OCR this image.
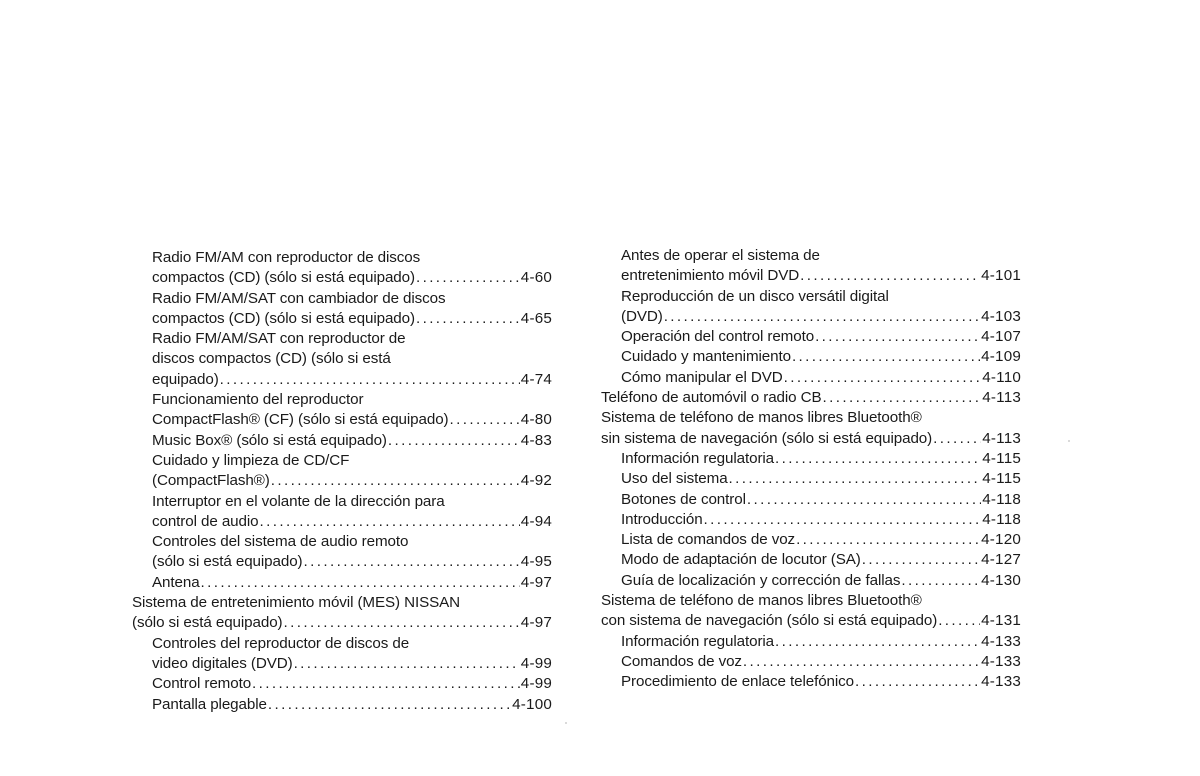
Radio FM/AM con reproductor de discos
compactos (CD) (sólo si está equipado) .....	4-60
Radio FM/AM/SAT con cambiador de discos
compactos (CD) (sólo si está equipado) .....	4-65
Radio FM/AM/SAT con reproductor de
discos compactos (CD) (sólo si está
equipado) .....	4-74
Funcionamiento del reproductor
CompactFlash® (CF) (sólo si está equipado) .....	4-80
Music Box® (sólo si está equipado) .....	4-83
Cuidado y limpieza de CD/CF
(CompactFlash®) .....	4-92
Interruptor en el volante de la dirección para
control de audio .....	4-94
Controles del sistema de audio remoto
(sólo si está equipado) .....	4-95
Antena .....	4-97
Sistema de entretenimiento móvil (MES) NISSAN
(sólo si está equipado) .....	4-97
Controles del reproductor de discos de
video digitales (DVD) .....	4-99
Control remoto .....	4-99
Pantalla plegable .....	4-100
Antes de operar el sistema de
entretenimiento móvil DVD .....	4-101
Reproducción de un disco versátil digital
(DVD) .....	4-103
Operación del control remoto .....	4-107
Cuidado y mantenimiento .....	4-109
Cómo manipular el DVD .....	4-110
Teléfono de automóvil o radio CB .....	4-113
Sistema de teléfono de manos libres Bluetooth®
sin sistema de navegación (sólo si está equipado) .....	4-113
Información regulatoria .....	4-115
Uso del sistema .....	4-115
Botones de control .....	4-118
Introducción .....	4-118
Lista de comandos de voz .....	4-120
Modo de adaptación de locutor (SA) .....	4-127
Guía de localización y corrección de fallas .....	4-130
Sistema de teléfono de manos libres Bluetooth®
con sistema de navegación (sólo si está equipado) .....	4-131
Información regulatoria .....	4-133
Comandos de voz .....	4-133
Procedimiento de enlace telefónico .....	4-133
